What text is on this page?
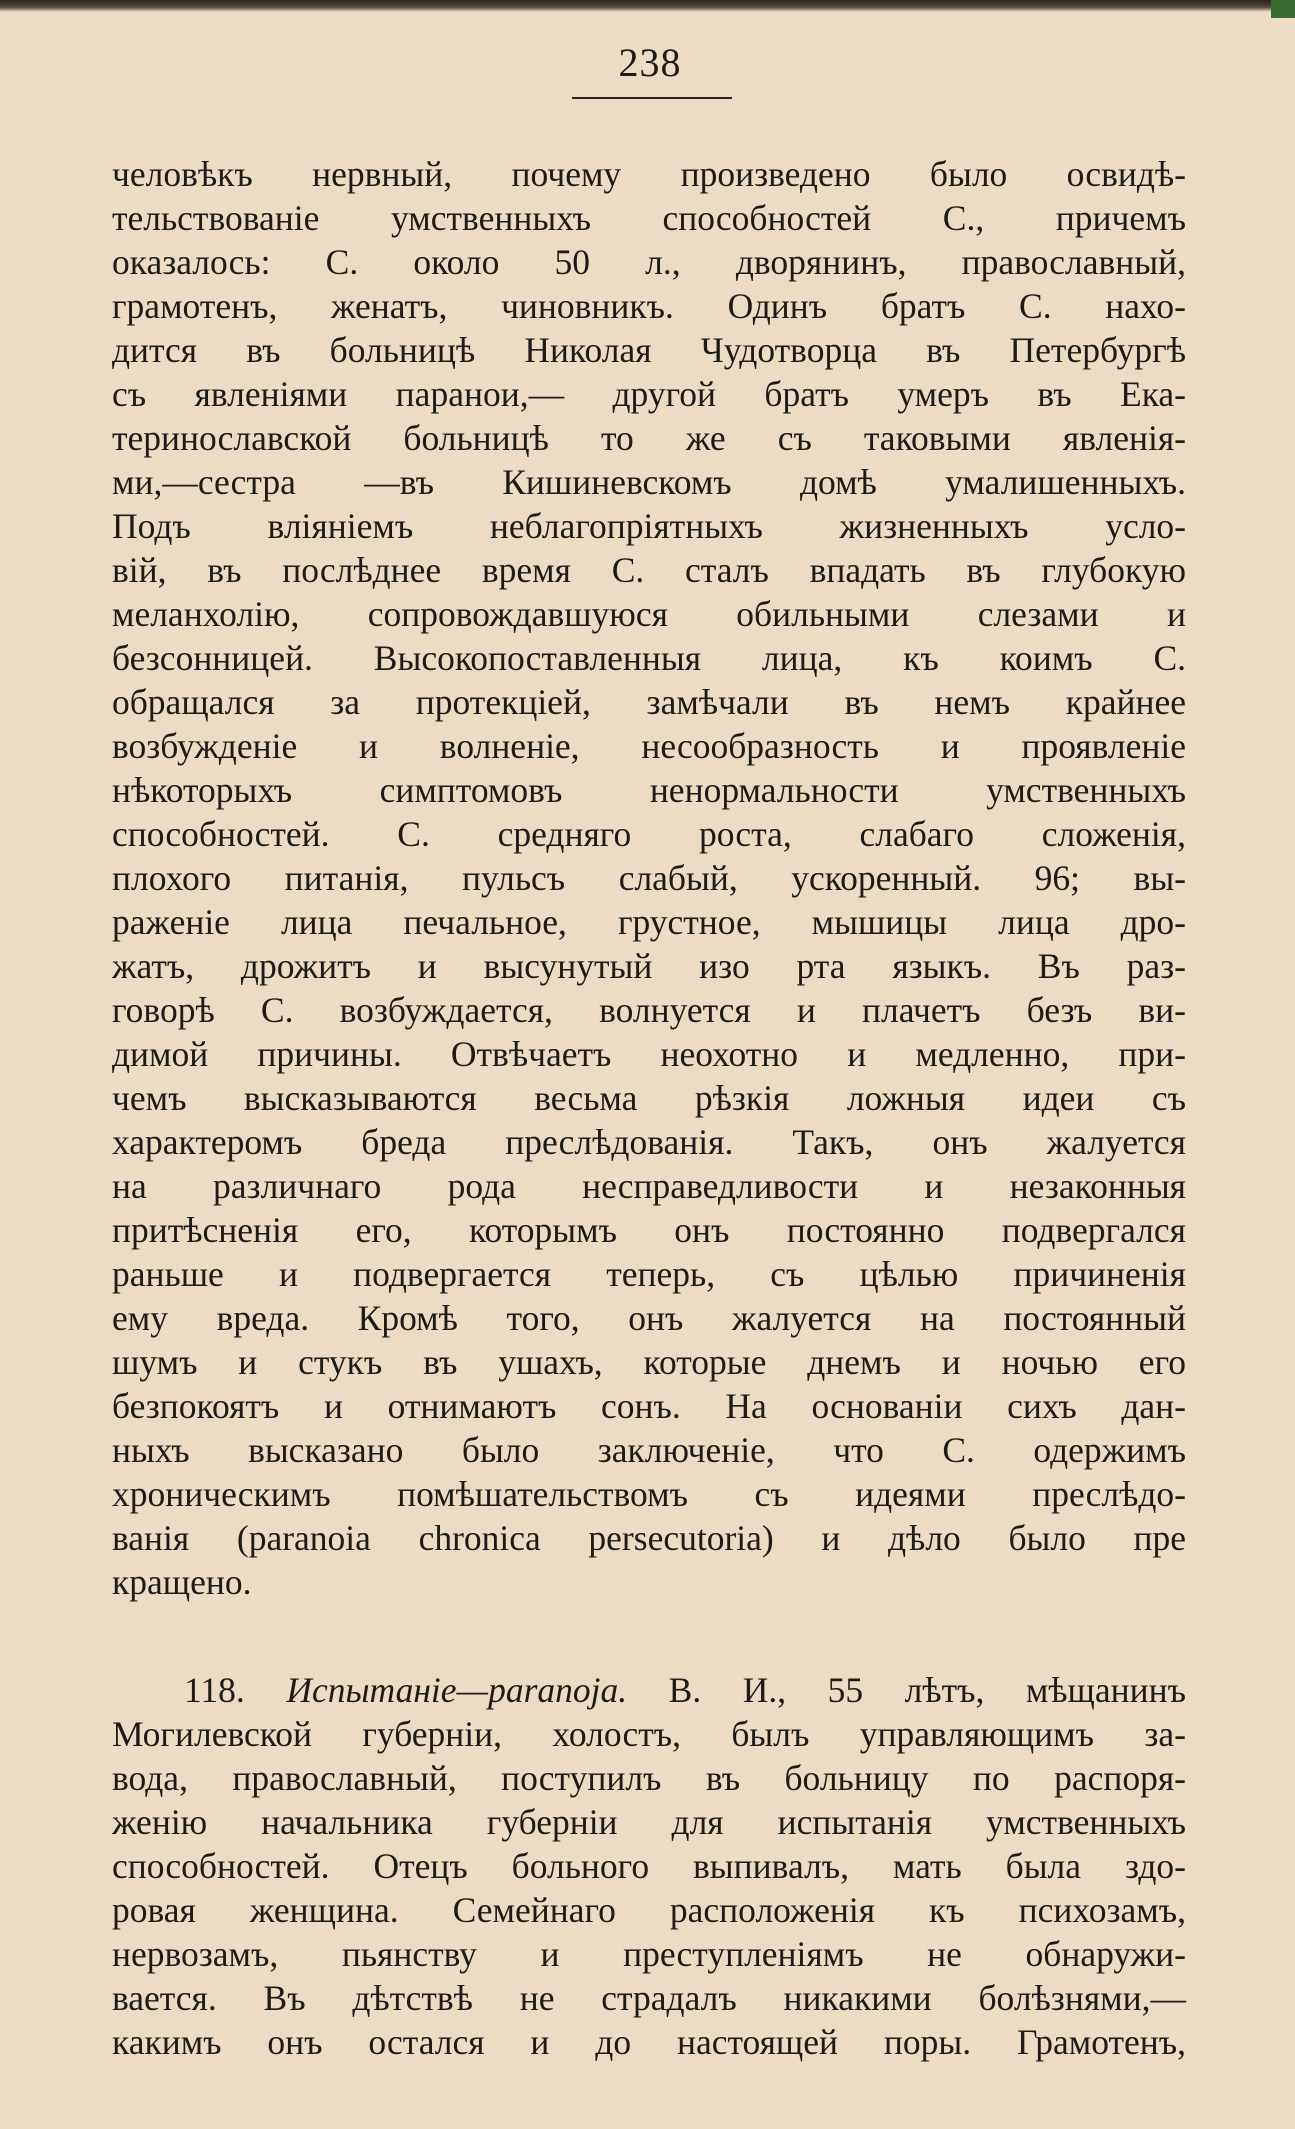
238
человѣкъ нервный, почему произведено было освидѣ-
тельствованіе умственныхъ способностей С., причемъ
оказалось: С. около 50 л., дворянинъ, православный,
грамотенъ, женатъ, чиновникъ. Одинъ братъ С. нахо-
дится въ больницѣ Николая Чудотворца въ Петербургѣ
съ явленіями паранои,— другой братъ умеръ въ Ека-
теринославской больницѣ то же съ таковыми явленія-
ми,—сестра —въ Кишиневскомъ домѣ умалишенныхъ.
Подъ вліяніемъ неблагопріятныхъ жизненныхъ усло-
вій, въ послѣднее время С. сталъ впадать въ глубокую
меланхолію, сопровождавшуюся обильными слезами и
безсонницей. Высокопоставленныя лица, къ коимъ С.
обращался за протекціей, замѣчали въ немъ крайнее
возбужденіе и волненіе, несообразность и проявленіе
нѣкоторыхъ симптомовъ ненормальности умственныхъ
способностей. С. средняго роста, слабаго сложенія,
плохого питанія, пульсъ слабый, ускоренный. 96; вы-
раженіе лица печальное, грустное, мышицы лица дро-
жатъ, дрожитъ и высунутый изо рта языкъ. Въ раз-
говорѣ С. возбуждается, волнуется и плачетъ безъ ви-
димой причины. Отвѣчаетъ неохотно и медленно, при-
чемъ высказываются весьма рѣзкія ложныя идеи съ
характеромъ бреда преслѣдованія. Такъ, онъ жалуется
на различнаго рода несправедливости и незаконныя
притѣсненія его, которымъ онъ постоянно подвергался
раньше и подвергается теперь, съ цѣлью причиненія
ему вреда. Кромѣ того, онъ жалуется на постоянный
шумъ и стукъ въ ушахъ, которые днемъ и ночью его
безпокоятъ и отнимаютъ сонъ. На основаніи сихъ дан-
ныхъ высказано было заключеніе, что С. одержимъ
хроническимъ помѣшательствомъ съ идеями преслѣдо-
ванія (paranoia chronica persecutoria) и дѣло было пре
кращено.
118. Испытаніе—paranoja. В. И., 55 лѣтъ, мѣщанинъ
Могилевской губерніи, холостъ, былъ управляющимъ за-
вода, православный, поступилъ въ больницу по распоря-
женію начальника губерніи для испытанія умственныхъ
способностей. Отецъ больного выпивалъ, мать была здо-
ровая женщина. Семейнаго расположенія къ психозамъ,
нервозамъ, пьянству и преступленіямъ не обнаружи-
вается. Въ дѣтствѣ не страдалъ никакими болѣзнями,—
какимъ онъ остался и до настоящей поры. Грамотенъ,
